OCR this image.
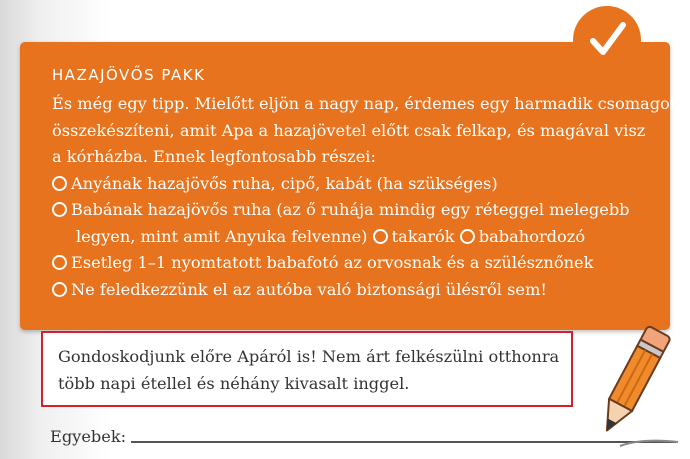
HAZAJÖVŐS PAKK
És még egy tipp. Mielőtt eljön a nagy nap, érdemes egy harmadik csomagot
összekészíteni, amit Apa a hazajövetel előtt csak felkap, és magával visz
a kórházba. Ennek legfontosabb részei:
Anyának hazajövős ruha, cipő, kabát (ha szükséges)
Babának hazajövős ruha (az ő ruhája mindig egy réteggel melegebb
legyen, mint amit Anyuka felvenne) takarók babahordozó
Esetleg 1–1 nyomtatott babafotó az orvosnak és a szülésznőnek
Ne feledkezzünk el az autóba való biztonsági ülésről sem!
Gondoskodjunk előre Apáról is! Nem árt felkészülni otthonra
több napi étellel és néhány kivasalt inggel.
Egyebek:
